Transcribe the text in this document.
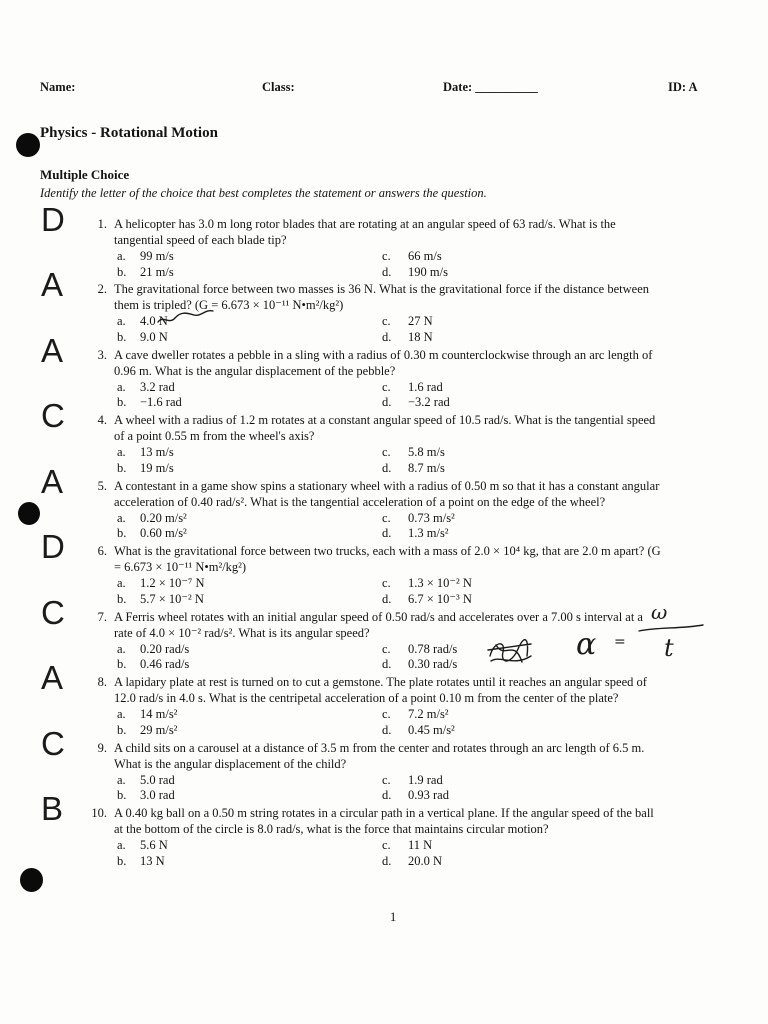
Name:	Class:	Date: __________	ID: A
Physics - Rotational Motion
Multiple Choice
Identify the letter of the choice that best completes the statement or answers the question.
D	1. A helicopter has 3.0 m long rotor blades that are rotating at an angular speed of 63 rad/s. What is the
tangential speed of each blade tip?
a. 99 m/s
b. 21 m/s
c. 66 m/s
d. 190 m/s
A	2. The gravitational force between two masses is 36 N. What is the gravitational force if the distance between
them is tripled? (G = 6.673 × 10⁻¹¹ N•m²/kg²)
a. 4.0 N
b. 9.0 N
c. 27 N
d. 18 N
A	3. A cave dweller rotates a pebble in a sling with a radius of 0.30 m counterclockwise through an arc length of
0.96 m. What is the angular displacement of the pebble?
a. 3.2 rad
b. −1.6 rad
c. 1.6 rad
d. −3.2 rad
C	4. A wheel with a radius of 1.2 m rotates at a constant angular speed of 10.5 rad/s. What is the tangential speed
of a point 0.55 m from the wheel's axis?
a. 13 m/s
b. 19 m/s
c. 5.8 m/s
d. 8.7 m/s
A	5. A contestant in a game show spins a stationary wheel with a radius of 0.50 m so that it has a constant angular
acceleration of 0.40 rad/s². What is the tangential acceleration of a point on the edge of the wheel?
a. 0.20 m/s²
b. 0.60 m/s²
c. 0.73 m/s²
d. 1.3 m/s²
D	6. What is the gravitational force between two trucks, each with a mass of 2.0 × 10⁴ kg, that are 2.0 m apart? (G
= 6.673 × 10⁻¹¹ N•m²/kg²)
a. 1.2 × 10⁻⁷ N
b. 5.7 × 10⁻² N
c. 1.3 × 10⁻² N
d. 6.7 × 10⁻³ N
C	7. A Ferris wheel rotates with an initial angular speed of 0.50 rad/s and accelerates over a 7.00 s interval at a
rate of 4.0 × 10⁻² rad/s². What is its angular speed?
a. 0.20 rad/s
b. 0.46 rad/s
c. 0.78 rad/s
d. 0.30 rad/s
A	8. A lapidary plate at rest is turned on to cut a gemstone. The plate rotates until it reaches an angular speed of
12.0 rad/s in 4.0 s. What is the centripetal acceleration of a point 0.10 m from the center of the plate?
a. 14 m/s²
b. 29 m/s²
c. 7.2 m/s²
d. 0.45 m/s²
C	9. A child sits on a carousel at a distance of 3.5 m from the center and rotates through an arc length of 6.5 m.
What is the angular displacement of the child?
a. 5.0 rad
b. 3.0 rad
c. 1.9 rad
d. 0.93 rad
B	10. A 0.40 kg ball on a 0.50 m string rotates in a circular path in a vertical plane. If the angular speed of the ball
at the bottom of the circle is 8.0 rad/s, what is the force that maintains circular motion?
a. 5.6 N
b. 13 N
c. 11 N
d. 20.0 N
α =
ω
t
1
